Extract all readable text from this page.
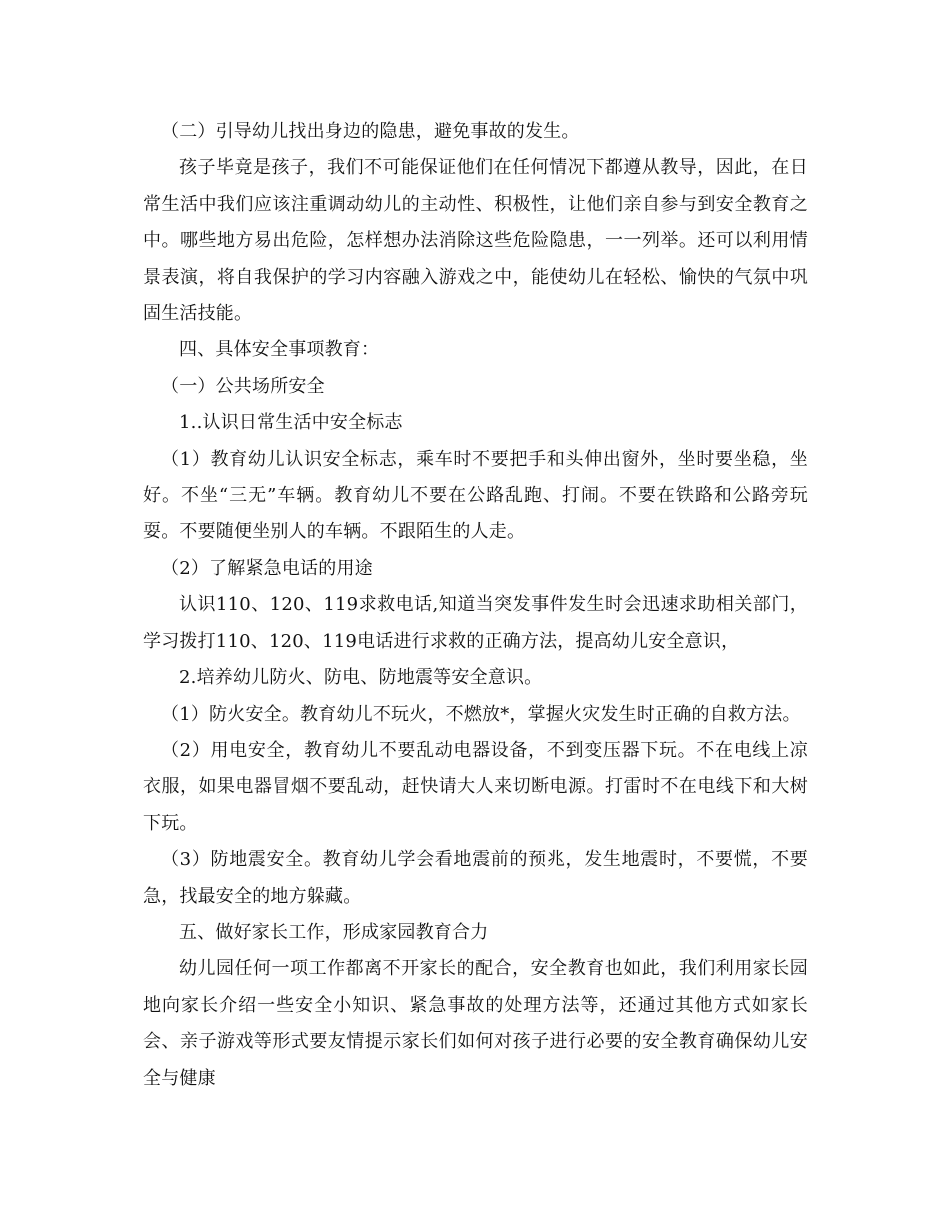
（二）引导幼儿找出身边的隐患，避免事故的发生。

孩子毕竟是孩子，我们不可能保证他们在任何情况下都遵从教导，因此，在日常生活中我们应该注重调动幼儿的主动性、积极性，让他们亲自参与到安全教育之中。哪些地方易出危险，怎样想办法消除这些危险隐患，一一列举。还可以利用情景表演，将自我保护的学习内容融入游戏之中，能使幼儿在轻松、愉快的气氛中巩固生活技能。

四、具体安全事项教育：

（一）公共场所安全

1..认识日常生活中安全标志

（1）教育幼儿认识安全标志，乘车时不要把手和头伸出窗外，坐时要坐稳，坐好。不坐“三无”车辆。教育幼儿不要在公路乱跑、打闹。不要在铁路和公路旁玩耍。不要随便坐别人的车辆。不跟陌生的人走。

（2）了解紧急电话的用途

认识110、120、119求救电话,知道当突发事件发生时会迅速求助相关部门，学习拨打110、120、119电话进行求救的正确方法，提高幼儿安全意识，

2.培养幼儿防火、防电、防地震等安全意识。

（1）防火安全。教育幼儿不玩火，不燃放*，掌握火灾发生时正确的自救方法。

（2）用电安全，教育幼儿不要乱动电器设备，不到变压器下玩。不在电线上凉衣服，如果电器冒烟不要乱动，赶快请大人来切断电源。打雷时不在电线下和大树下玩。

（3）防地震安全。教育幼儿学会看地震前的预兆，发生地震时，不要慌，不要急，找最安全的地方躲藏。

五、做好家长工作，形成家园教育合力

幼儿园任何一项工作都离不开家长的配合，安全教育也如此，我们利用家长园地向家长介绍一些安全小知识、紧急事故的处理方法等，还通过其他方式如家长会、亲子游戏等形式要友情提示家长们如何对孩子进行必要的安全教育确保幼儿安全与健康
